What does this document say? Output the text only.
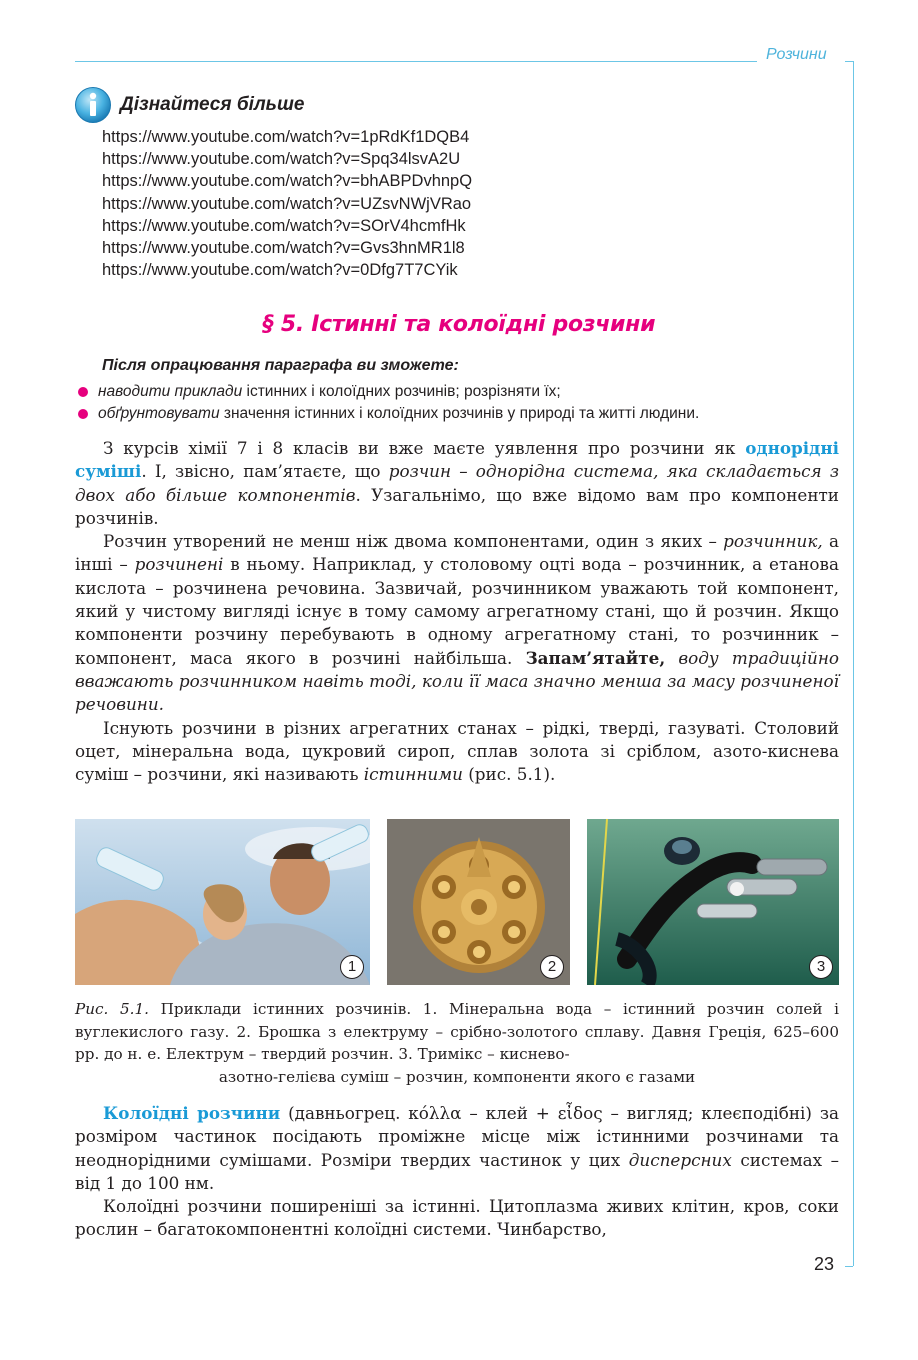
Розчини
Дізнайтеся більше
https://www.youtube.com/watch?v=1pRdKf1DQB4
https://www.youtube.com/watch?v=Spq34lsvA2U
https://www.youtube.com/watch?v=bhABPDvhnpQ
https://www.youtube.com/watch?v=UZsvNWjVRao
https://www.youtube.com/watch?v=SOrV4hcmfHk
https://www.youtube.com/watch?v=Gvs3hnMR1l8
https://www.youtube.com/watch?v=0Dfg7T7CYik
§ 5. Істинні та колоїдні розчини
Після опрацювання параграфа ви зможете:
наводити приклади істинних і колоїдних розчинів; розрізняти їх;
обґрунтовувати значення істинних і колоїдних розчинів у природі та житті людини.

З курсів хімії 7 і 8 класів ви вже маєте уявлення про розчини як однорідні суміші. І, звісно, пам’ятаєте, що розчин – однорідна система, яка складається з двох або більше компонентів. Узагальнімо, що вже відомо вам про компоненти розчинів.

Розчин утворений не менш ніж двома компонентами, один з яких – розчинник, а інші – розчинені в ньому. Наприклад, у столовому оцті вода – розчинник, а етанова кислота – розчинена речовина. Зазвичай, розчинником уважають той компонент, який у чистому вигляді існує в тому самому агрегатному стані, що й розчин. Якщо компоненти розчину перебувають в одному агрегатному стані, то розчинник – компонент, маса якого в розчині найбільша. Запам’ятайте, воду традиційно вважають розчинником навіть тоді, коли її маса значно менша за масу розчиненої речовини.

Існують розчини в різних агрегатних станах – рідкі, тверді, газуваті. Столовий оцет, мінеральна вода, цукровий сироп, сплав золота зі сріблом, азото-киснева суміш – розчини, які називають істинними (рис. 5.1).

1	2	3
Рис. 5.1. Приклади істинних розчинів. 1. Мінеральна вода – істинний розчин солей і вуглекислого газу. 2. Брошка з електруму – срібно-золотого сплаву. Давня Греція, 625–600 рр. до н. е. Електрум – твердий розчин. 3. Тримікс – киснево-
азотно-гелієва суміш – розчин, компоненти якого є газами

Колоїдні розчини (давньогрец. κόλλα – клей + εἶδος – вигляд; клеєподібні) за розміром частинок посідають проміжне місце між істинними розчинами та неоднорідними сумішами. Розміри твердих частинок у цих дисперсних системах – від 1 до 100 нм.

Колоїдні розчини поширеніші за істинні. Цитоплазма живих клітин, кров, соки рослин – багатокомпонентні колоїдні системи. Чинбарство,

23
